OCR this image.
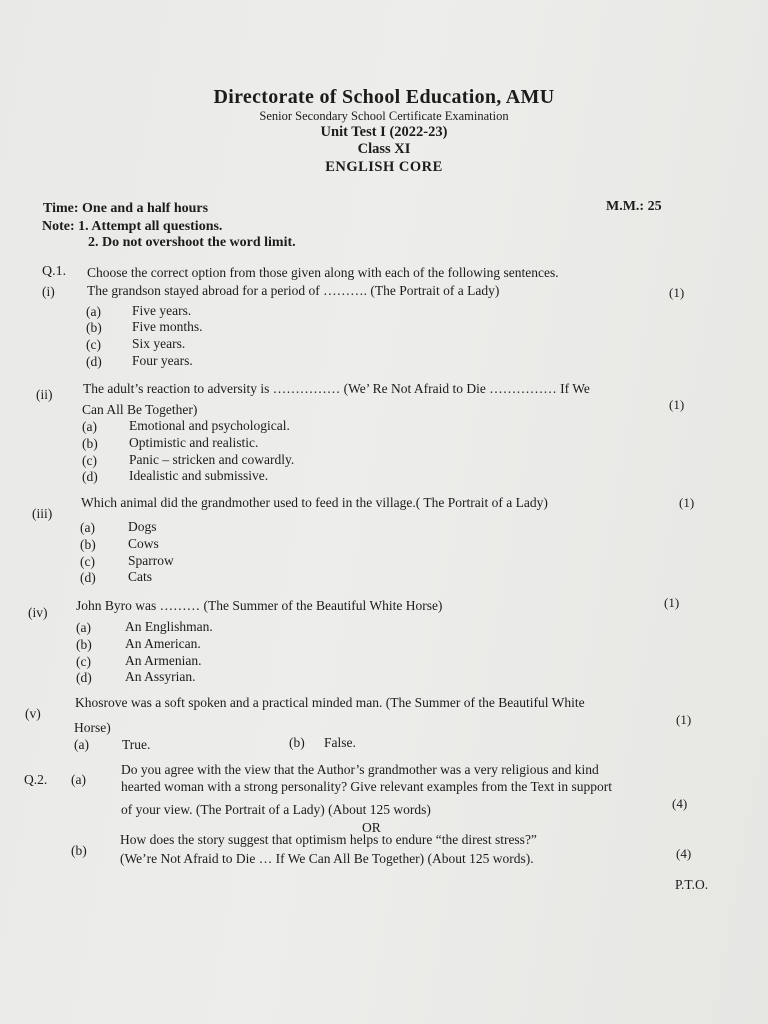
Directorate of School Education, AMU
Senior Secondary School Certificate Examination
Unit Test I (2022-23)
Class XI
ENGLISH CORE
Time: One and a half hours	M.M.: 25
Note: 1. Attempt all questions.
2. Do not overshoot the word limit.
Q.1. Choose the correct option from those given along with each of the following sentences.
(i) The grandson stayed abroad for a period of ………. (The Portrait of a Lady)	(1)
(a) Five years.
(b) Five months.
(c) Six years.
(d) Four years.
(ii) The adult’s reaction to adversity is …………… (We’ Re Not Afraid to Die …………… If We
Can All Be Together)	(1)
(a) Emotional and psychological.
(b) Optimistic and realistic.
(c) Panic – stricken and cowardly.
(d) Idealistic and submissive.
(iii)
Which animal did the grandmother used to feed in the village.( The Portrait of a Lady)	(1)
(a) Dogs
(b) Cows
(c) Sparrow
(d) Cats
(iv) John Byro was ……… (The Summer of the Beautiful White Horse)	(1)
(a)	An Englishman.
(b) An American.
(c)	An Armenian.
(d) An Assyrian.
(v)
Khosrove was a soft spoken and a practical minded man. (The Summer of the Beautiful White
Horse)
(1)
(a) True.	(b) False.
Q.2. (a)
Do you agree with the view that the Author’s grandmother was a very religious and kind
hearted woman with a strong personality? Give relevant examples from the Text in support
of your view. (The Portrait of a Lady) (About 125 words)	(4)
OR
(b)
How does the story suggest that optimism helps to endure “the direst stress?”
(We’re Not Afraid to Die … If We Can All Be Together) (About 125 words).	(4)
P.T.O.
